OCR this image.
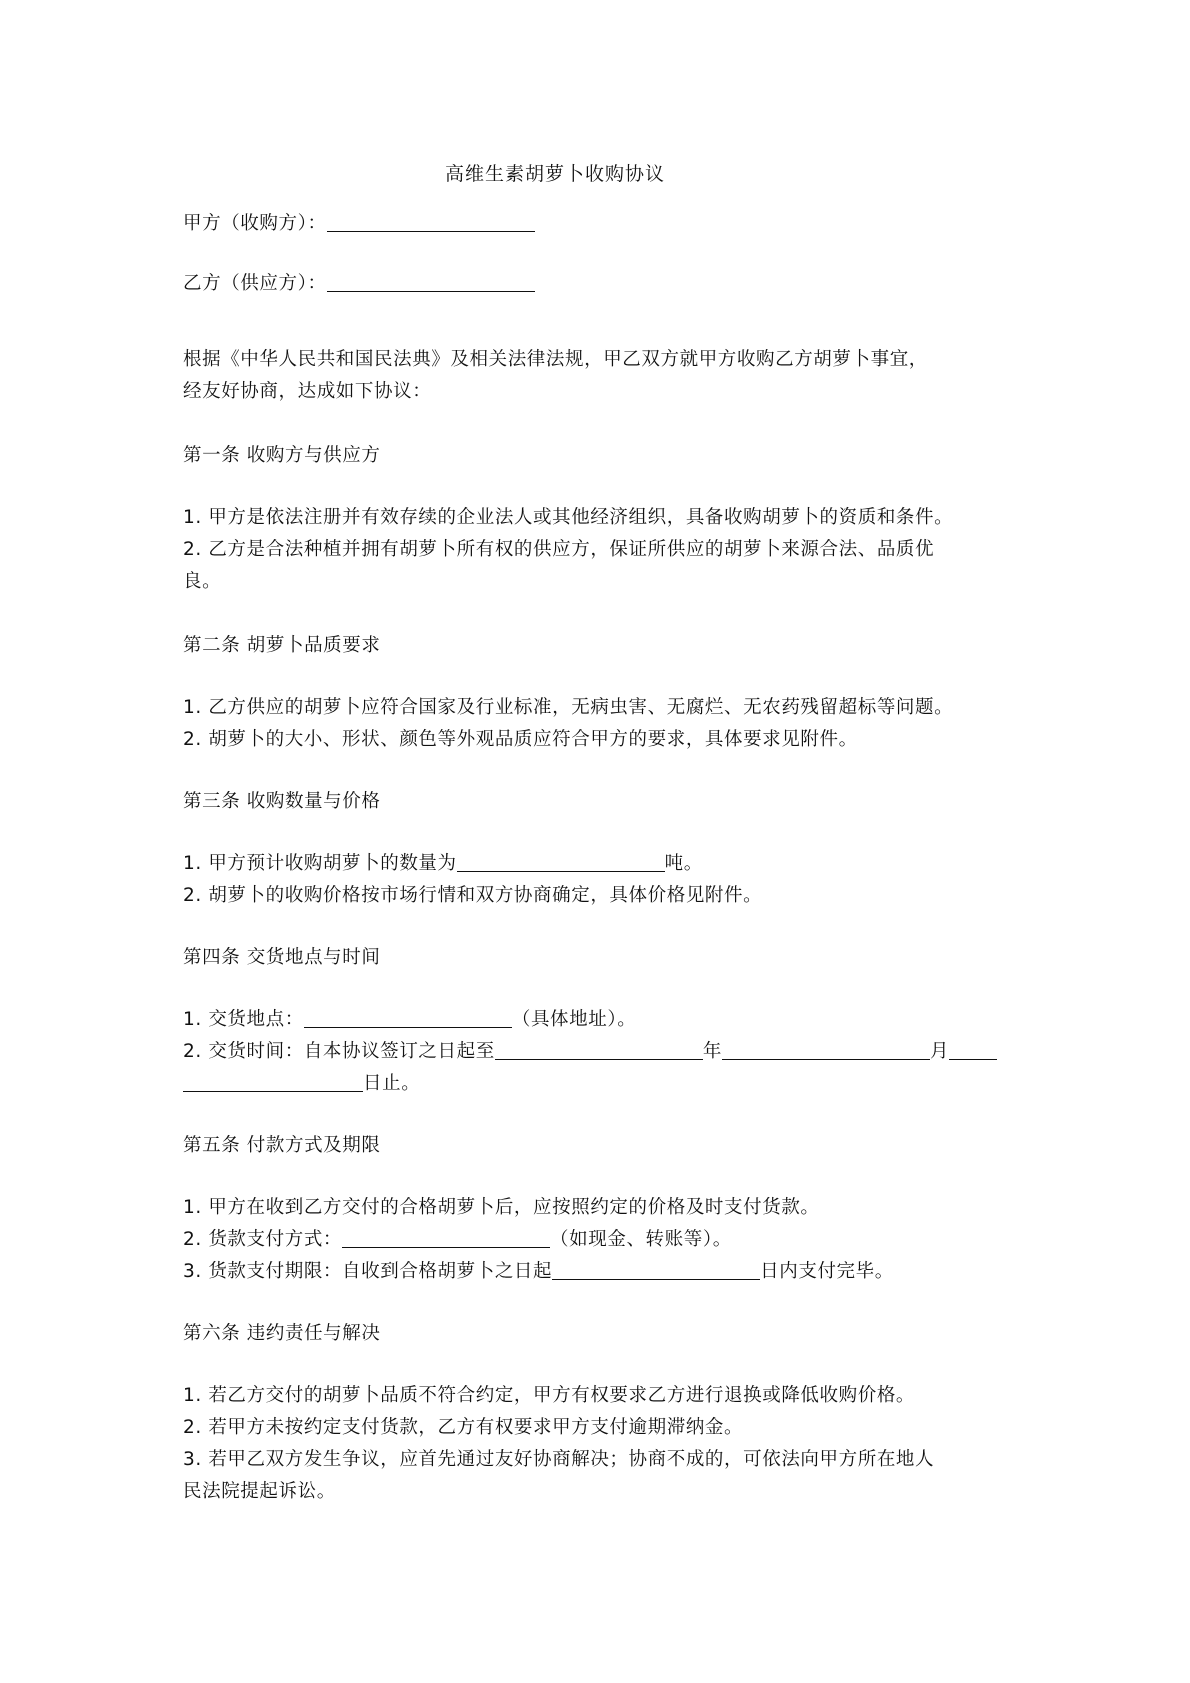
高维生素胡萝卜收购协议
甲方（收购方）：
乙方（供应方）：
根据《中华人民共和国民法典》及相关法律法规，甲乙双方就甲方收购乙方胡萝卜事宜，
经友好协商，达成如下协议：
第一条 收购方与供应方
1. 甲方是依法注册并有效存续的企业法人或其他经济组织，具备收购胡萝卜的资质和条件。
2. 乙方是合法种植并拥有胡萝卜所有权的供应方，保证所供应的胡萝卜来源合法、品质优
良。
第二条 胡萝卜品质要求
1. 乙方供应的胡萝卜应符合国家及行业标准，无病虫害、无腐烂、无农药残留超标等问题。
2. 胡萝卜的大小、形状、颜色等外观品质应符合甲方的要求，具体要求见附件。
第三条 收购数量与价格
1. 甲方预计收购胡萝卜的数量为	吨。
2. 胡萝卜的收购价格按市场行情和双方协商确定，具体价格见附件。
第四条 交货地点与时间
1. 交货地点：	（具体地址）。
2. 交货时间：自本协议签订之日起至	年	月
日止。
第五条 付款方式及期限
1. 甲方在收到乙方交付的合格胡萝卜后，应按照约定的价格及时支付货款。
2. 货款支付方式：	（如现金、转账等）。
3. 货款支付期限：自收到合格胡萝卜之日起	日内支付完毕。
第六条 违约责任与解决
1. 若乙方交付的胡萝卜品质不符合约定，甲方有权要求乙方进行退换或降低收购价格。
2. 若甲方未按约定支付货款，乙方有权要求甲方支付逾期滞纳金。
3. 若甲乙双方发生争议，应首先通过友好协商解决；协商不成的，可依法向甲方所在地人
民法院提起诉讼。
